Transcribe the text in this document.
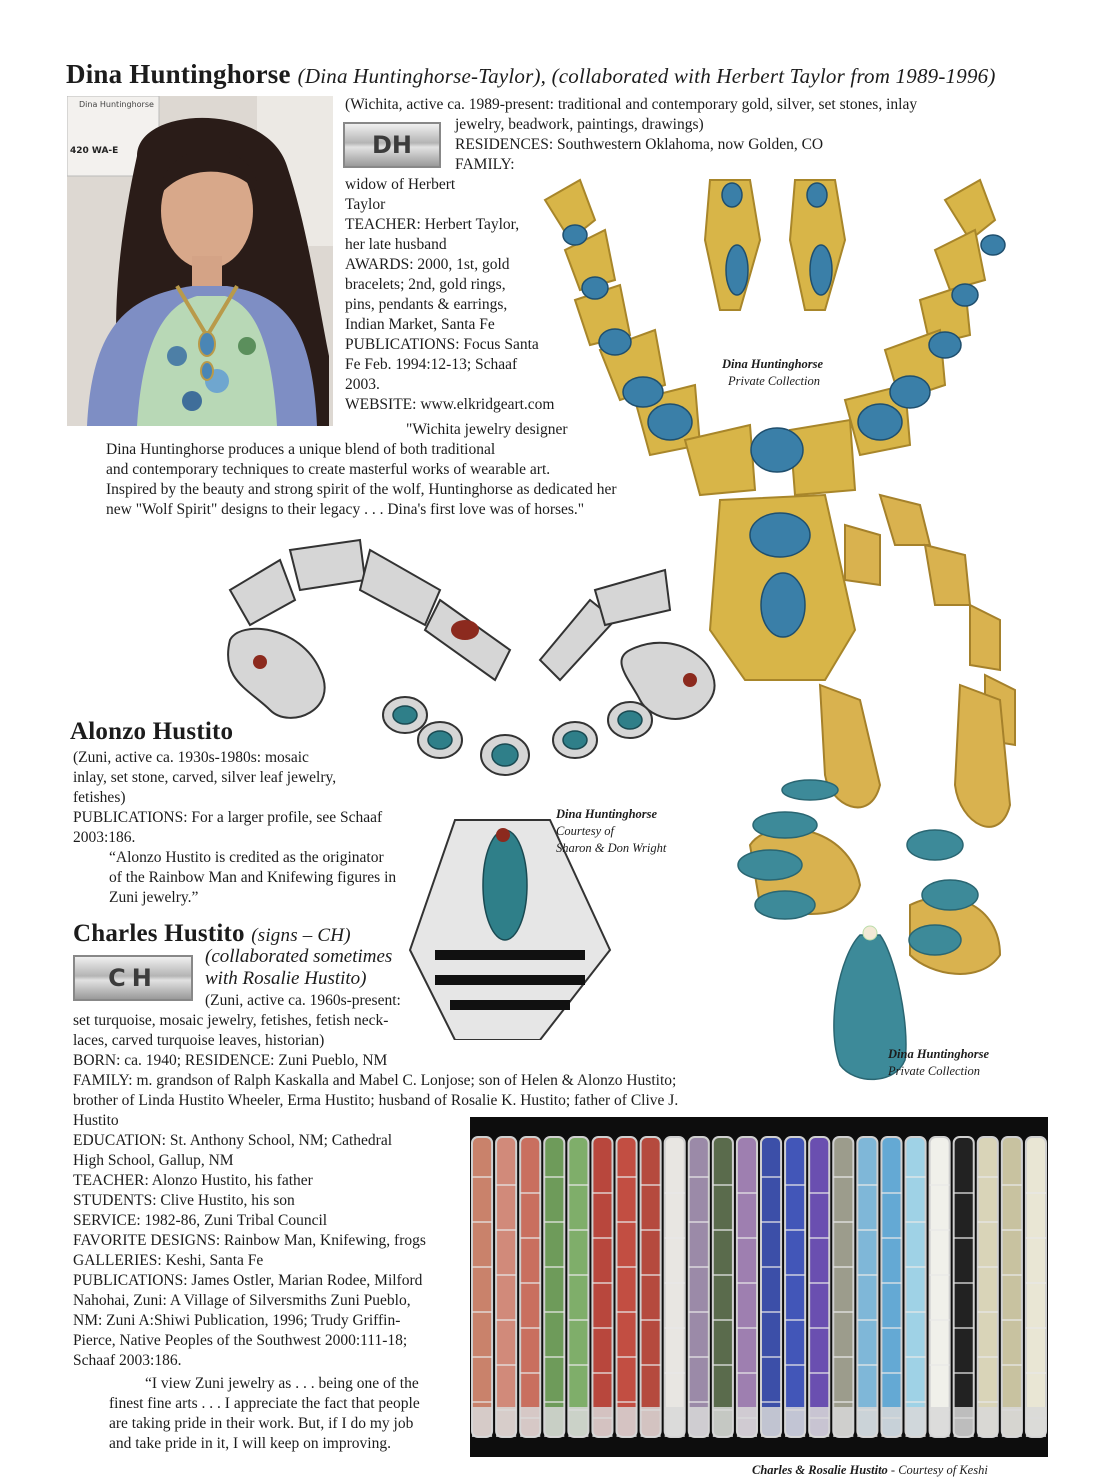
Dina Huntinghorse (Dina Huntinghorse-Taylor), (collaborated with Herbert Taylor from 1989-1996)
Dina Huntinghorse
420 WA-E	DH

(Wichita, active ca. 1989-present: traditional and contemporary gold, silver, set stones, inlay

jewelry, beadwork, paintings, drawings)

RESIDENCES: Southwestern Oklahoma, now Golden, CO

FAMILY:

widow of Herbert

Taylor

TEACHER: Herbert Taylor,

her late husband

AWARDS: 2000, 1st, gold

bracelets; 2nd, gold rings,

pins, pendants & earrings,

Indian Market, Santa Fe

PUBLICATIONS: Focus Santa

Fe Feb. 1994:12-13; Schaaf

2003.

WEBSITE: www.elkridgeart.com

"Wichita jewelry designer

Dina Huntinghorse produces a unique blend of both traditional

and contemporary techniques to create masterful works of wearable art.

Inspired by the beauty and strong spirit of the wolf, Huntinghorse as dedicated her

new "Wolf Spirit" designs to their legacy . . . Dina's first love was of horses."

Dina Huntinghorse
Private Collection
Dina Huntinghorse
Courtesy of
Sharon & Don Wright
Dina Huntinghorse
Private Collection
Alonzo Hustito

(Zuni, active ca. 1930s-1980s: mosaic

inlay, set stone, carved, silver leaf jewelry,

fetishes)

PUBLICATIONS: For a larger profile, see Schaaf

2003:186.

“Alonzo Hustito is credited as the originator

of the Rainbow Man and Knifewing figures in

Zuni jewelry.”

Charles Hustito (signs – CH)
CH
(collaborated sometimes
with Rosalie Hustito)

(Zuni, active ca. 1960s-present:

set turquoise, mosaic jewelry, fetishes, fetish neck-

laces, carved turquoise leaves, historian)

BORN: ca. 1940; RESIDENCE: Zuni Pueblo, NM

FAMILY: m. grandson of Ralph Kaskalla and Mabel C. Lonjose; son of Helen & Alonzo Hustito;

brother of Linda Hustito Wheeler, Erma Hustito; husband of Rosalie K. Hustito; father of Clive J.

Hustito

EDUCATION: St. Anthony School, NM; Cathedral

High School, Gallup, NM

TEACHER: Alonzo Hustito, his father

STUDENTS: Clive Hustito, his son

SERVICE: 1982-86, Zuni Tribal Council

FAVORITE DESIGNS: Rainbow Man, Knifewing, frogs

GALLERIES: Keshi, Santa Fe

PUBLICATIONS: James Ostler, Marian Rodee, Milford

Nahohai, Zuni: A Village of Silversmiths Zuni Pueblo,

NM: Zuni A:Shiwi Publication, 1996; Trudy Griffin-

Pierce, Native Peoples of the Southwest 2000:111-18;

Schaaf 2003:186.

“I view Zuni jewelry as . . . being one of the

finest fine arts . . . I appreciate the fact that people

are taking pride in their work. But, if I do my job

and take pride in it, I will keep on improving.

Charles & Rosalie Hustito - Courtesy of Keshi
